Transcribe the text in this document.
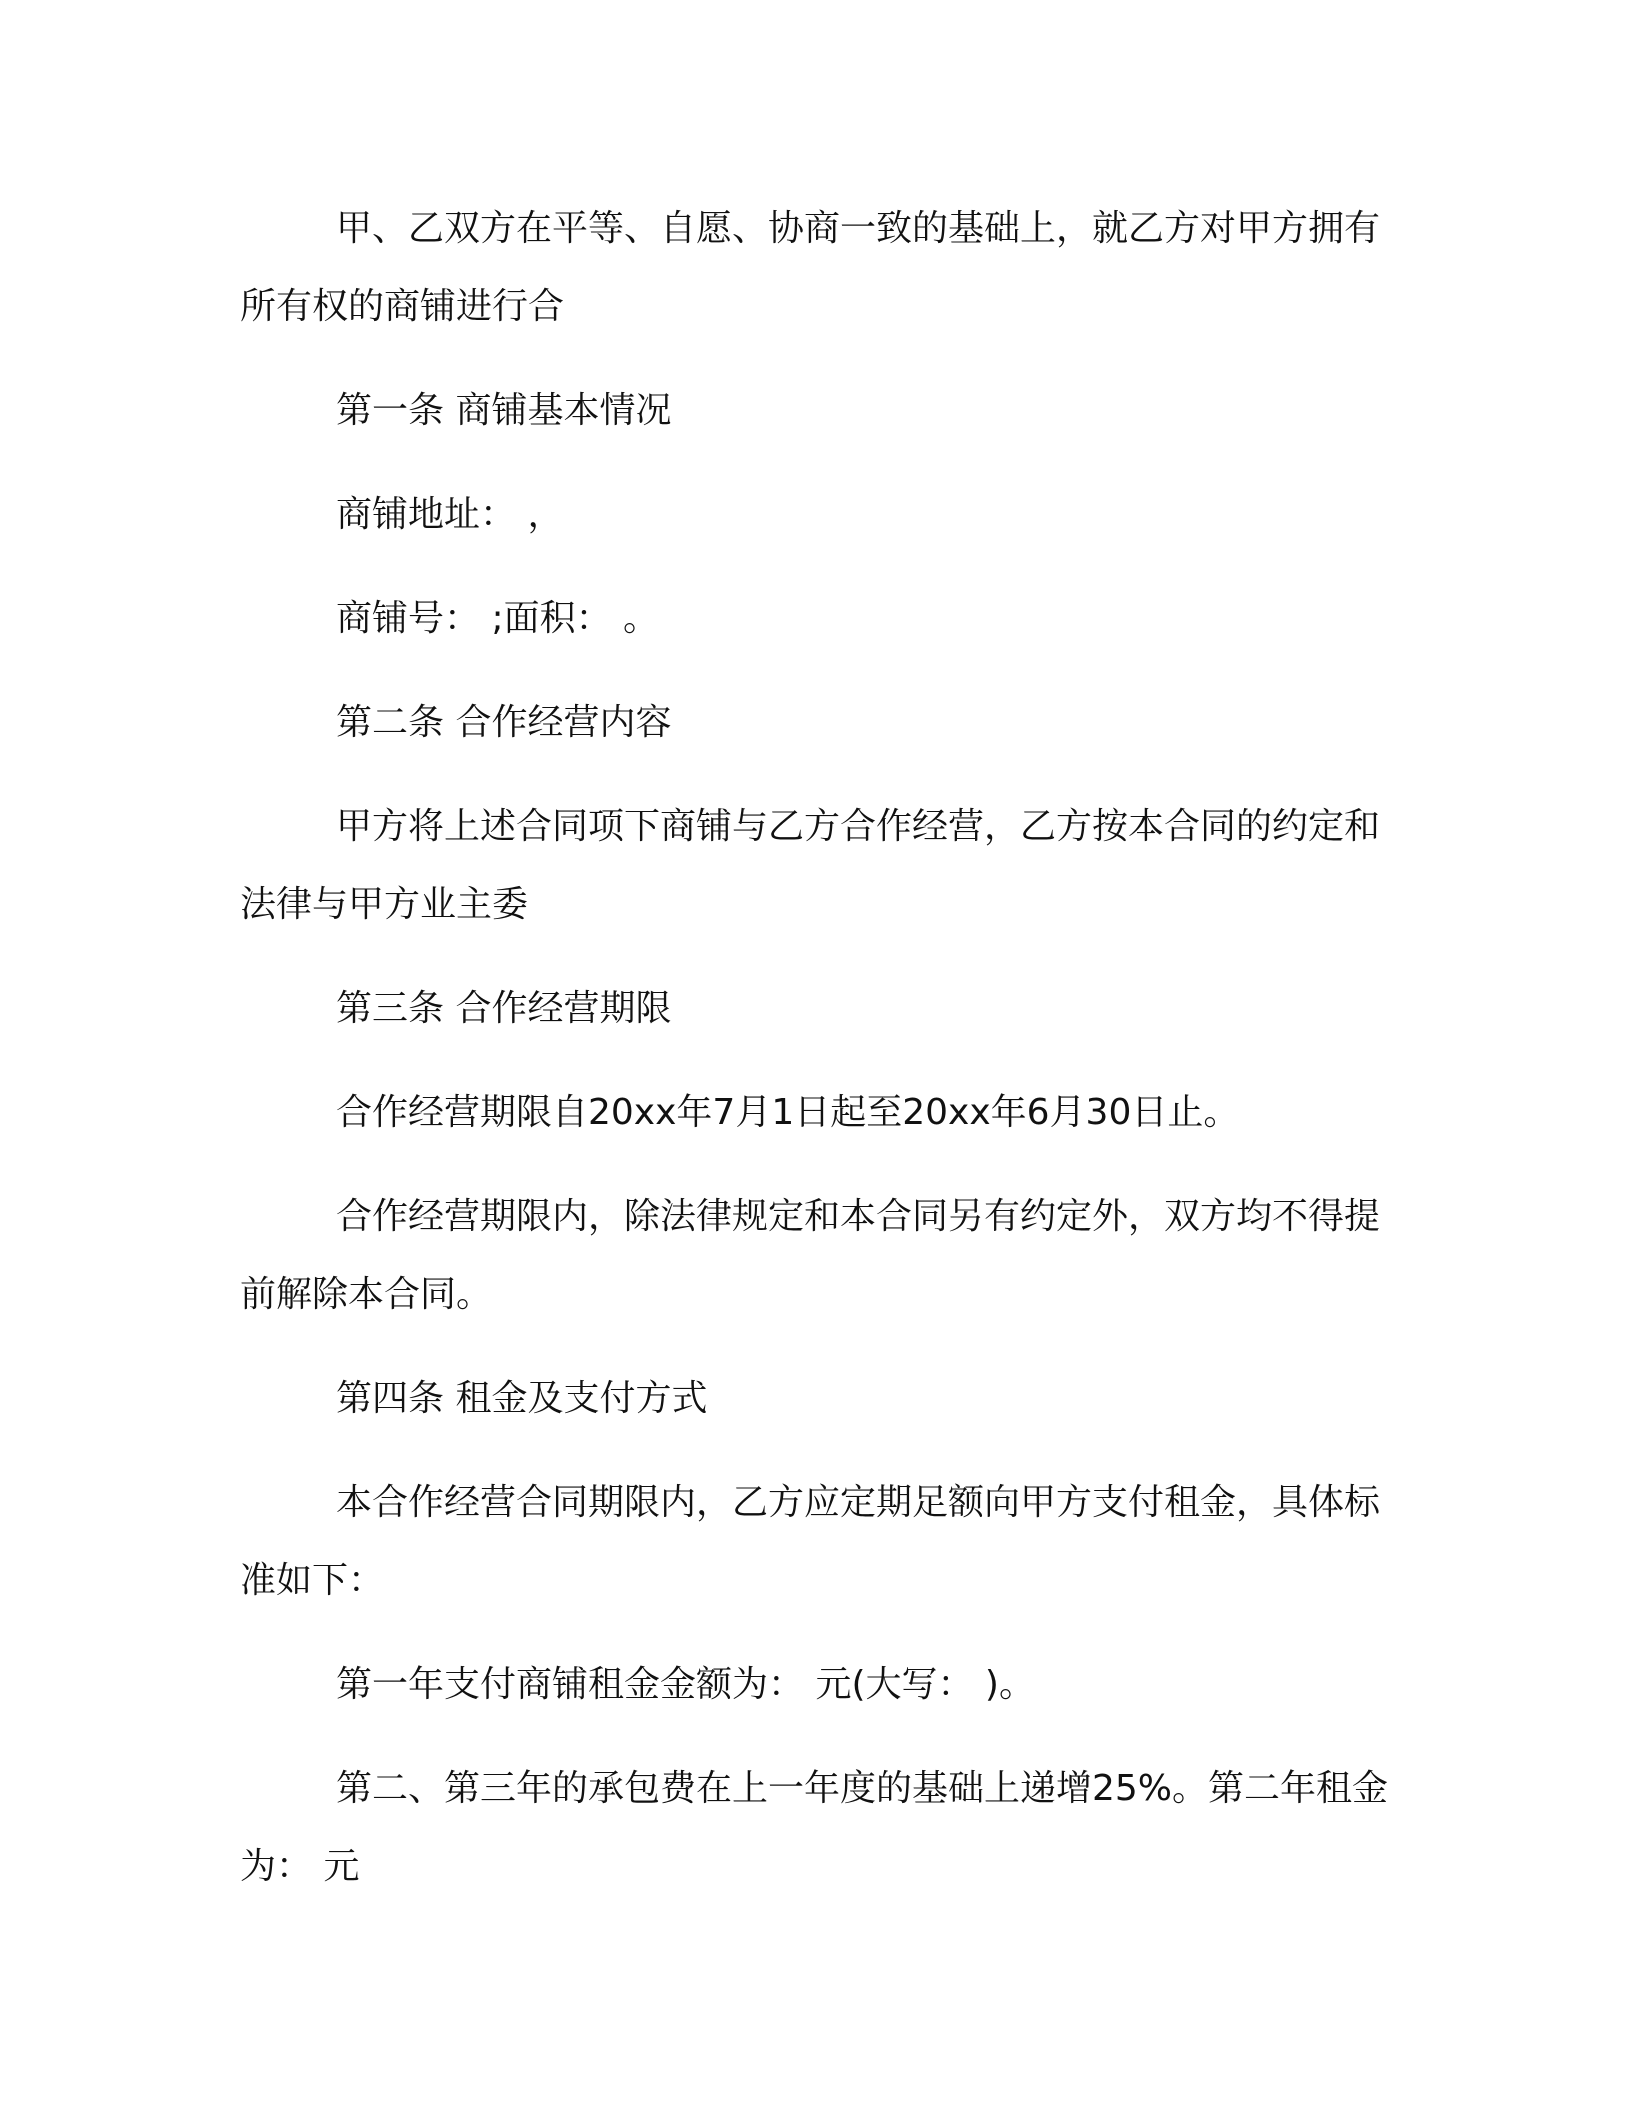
甲、乙双方在平等、自愿、协商一致的基础上，就乙方对甲方拥有所有权的商铺进行合

第一条 商铺基本情况

商铺地址： ，

商铺号： ;面积： 。

第二条 合作经营内容

甲方将上述合同项下商铺与乙方合作经营，乙方按本合同的约定和法律与甲方业主委

第三条 合作经营期限

合作经营期限自20xx年7月1日起至20xx年6月30日止。

合作经营期限内，除法律规定和本合同另有约定外，双方均不得提前解除本合同。

第四条 租金及支付方式

本合作经营合同期限内，乙方应定期足额向甲方支付租金，具体标准如下：

第一年支付商铺租金金额为： 元(大写： )。

第二、第三年的承包费在上一年度的基础上递增25%。第二年租金为： 元
